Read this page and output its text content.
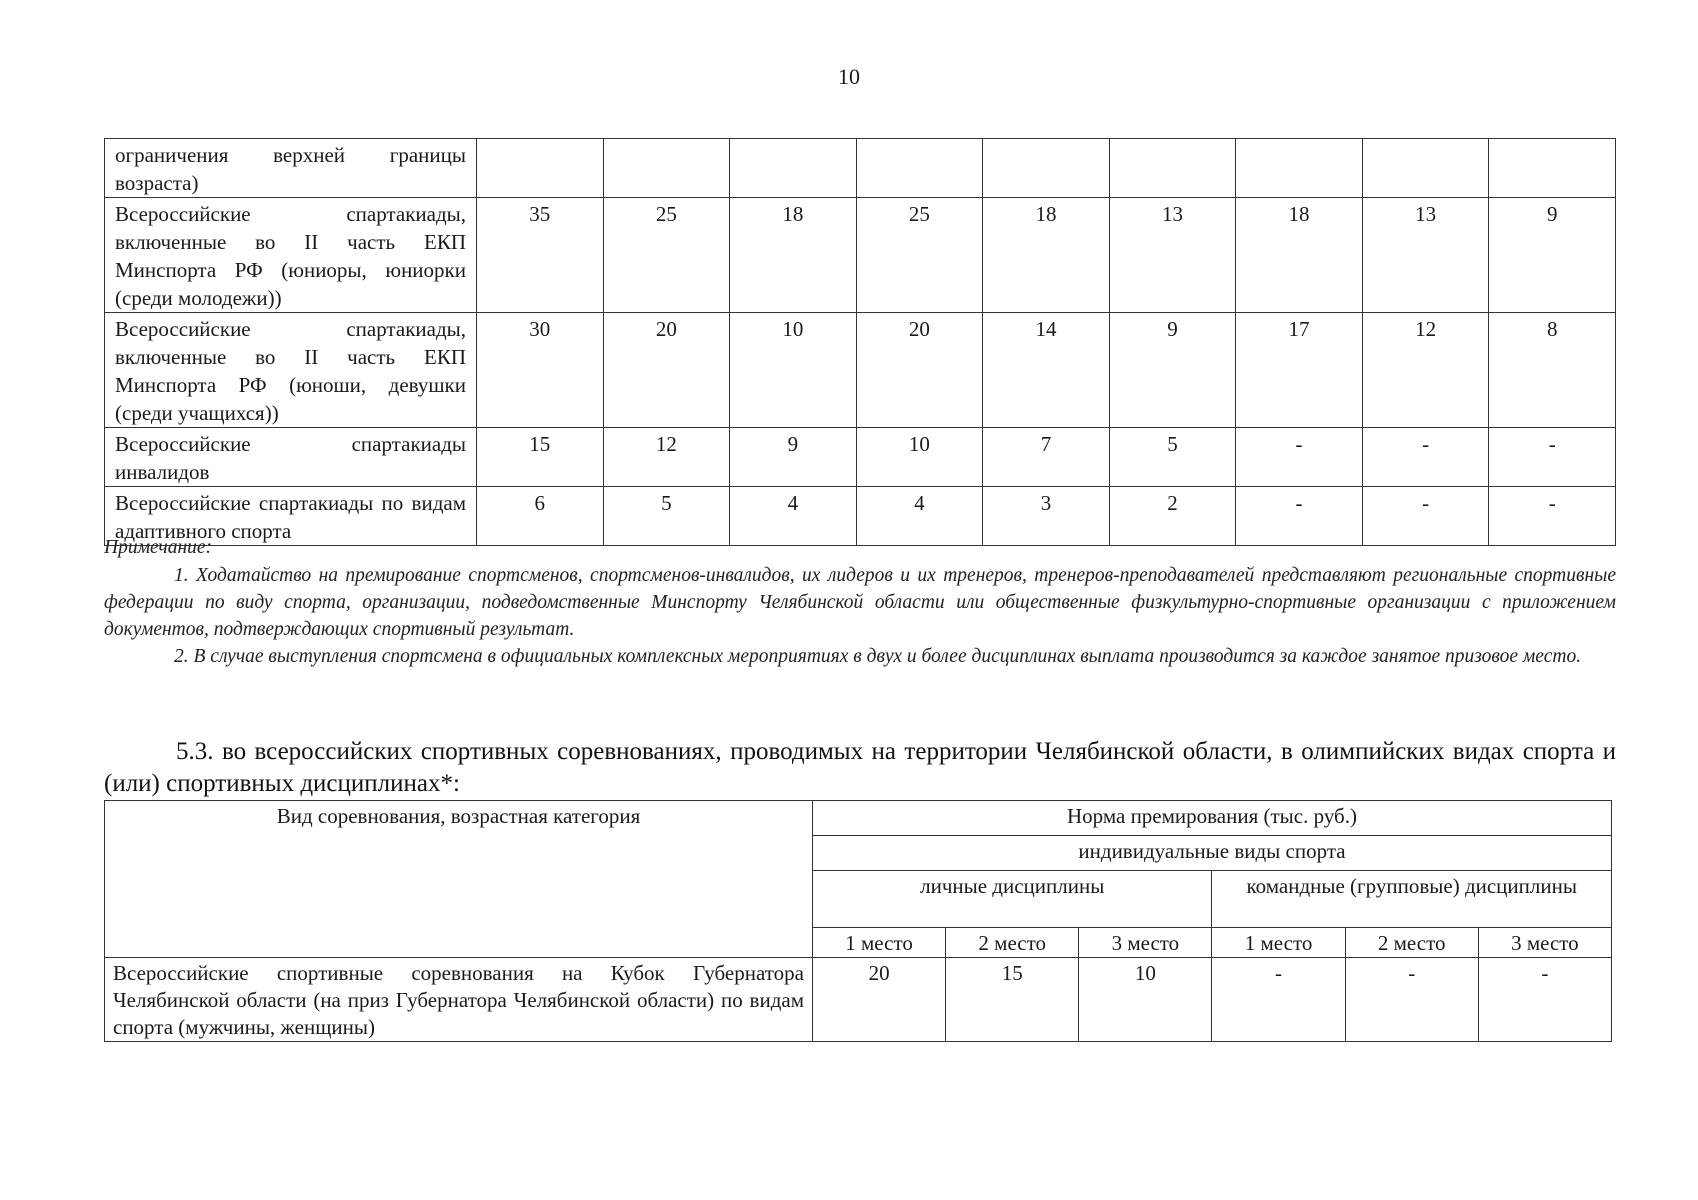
10
ограничения верхней границы возраста)									
Всероссийские спартакиады, включенные во II часть ЕКП Минспорта РФ (юниоры, юниорки (среди молодежи))	35	25	18	25	18	13	18	13	9
Всероссийские спартакиады, включенные во II часть ЕКП Минспорта РФ (юноши, девушки (среди учащихся))	30	20	10	20	14	9	17	12	8
Всероссийские спартакиады инвалидов	15	12	9	10	7	5	-	-	-
Всероссийские спартакиады по видам адаптивного спорта	6	5	4	4	3	2	-	-	-
Примечание:

1. Ходатайство на премирование спортсменов, спортсменов-инвалидов, их лидеров и их тренеров, тренеров-преподавателей представляют региональные спортивные федерации по виду спорта, организации, подведомственные Минспорту Челябинской области или общественные физкультурно-спортивные организации с приложением документов, подтверждающих спортивный результат.

2. В случае выступления спортсмена в официальных комплексных мероприятиях в двух и более дисциплинах выплата производится за каждое занятое призовое место.

5.3. во всероссийских спортивных соревнованиях, проводимых на территории Челябинской области, в олимпийских видах спорта и (или) спортивных дисциплинах*:
Вид соревнования, возрастная категория	Норма премирования (тыс. руб.)					
	индивидуальные виды спорта					
	личные дисциплины			командные (групповые) дисциплины		
	1 место	2 место	3 место	1 место	2 место	3 место
Всероссийские спортивные соревнования на Кубок Губернатора Челябинской области (на приз Губернатора Челябинской области) по видам спорта (мужчины, женщины)	20	15	10	-	-	-
